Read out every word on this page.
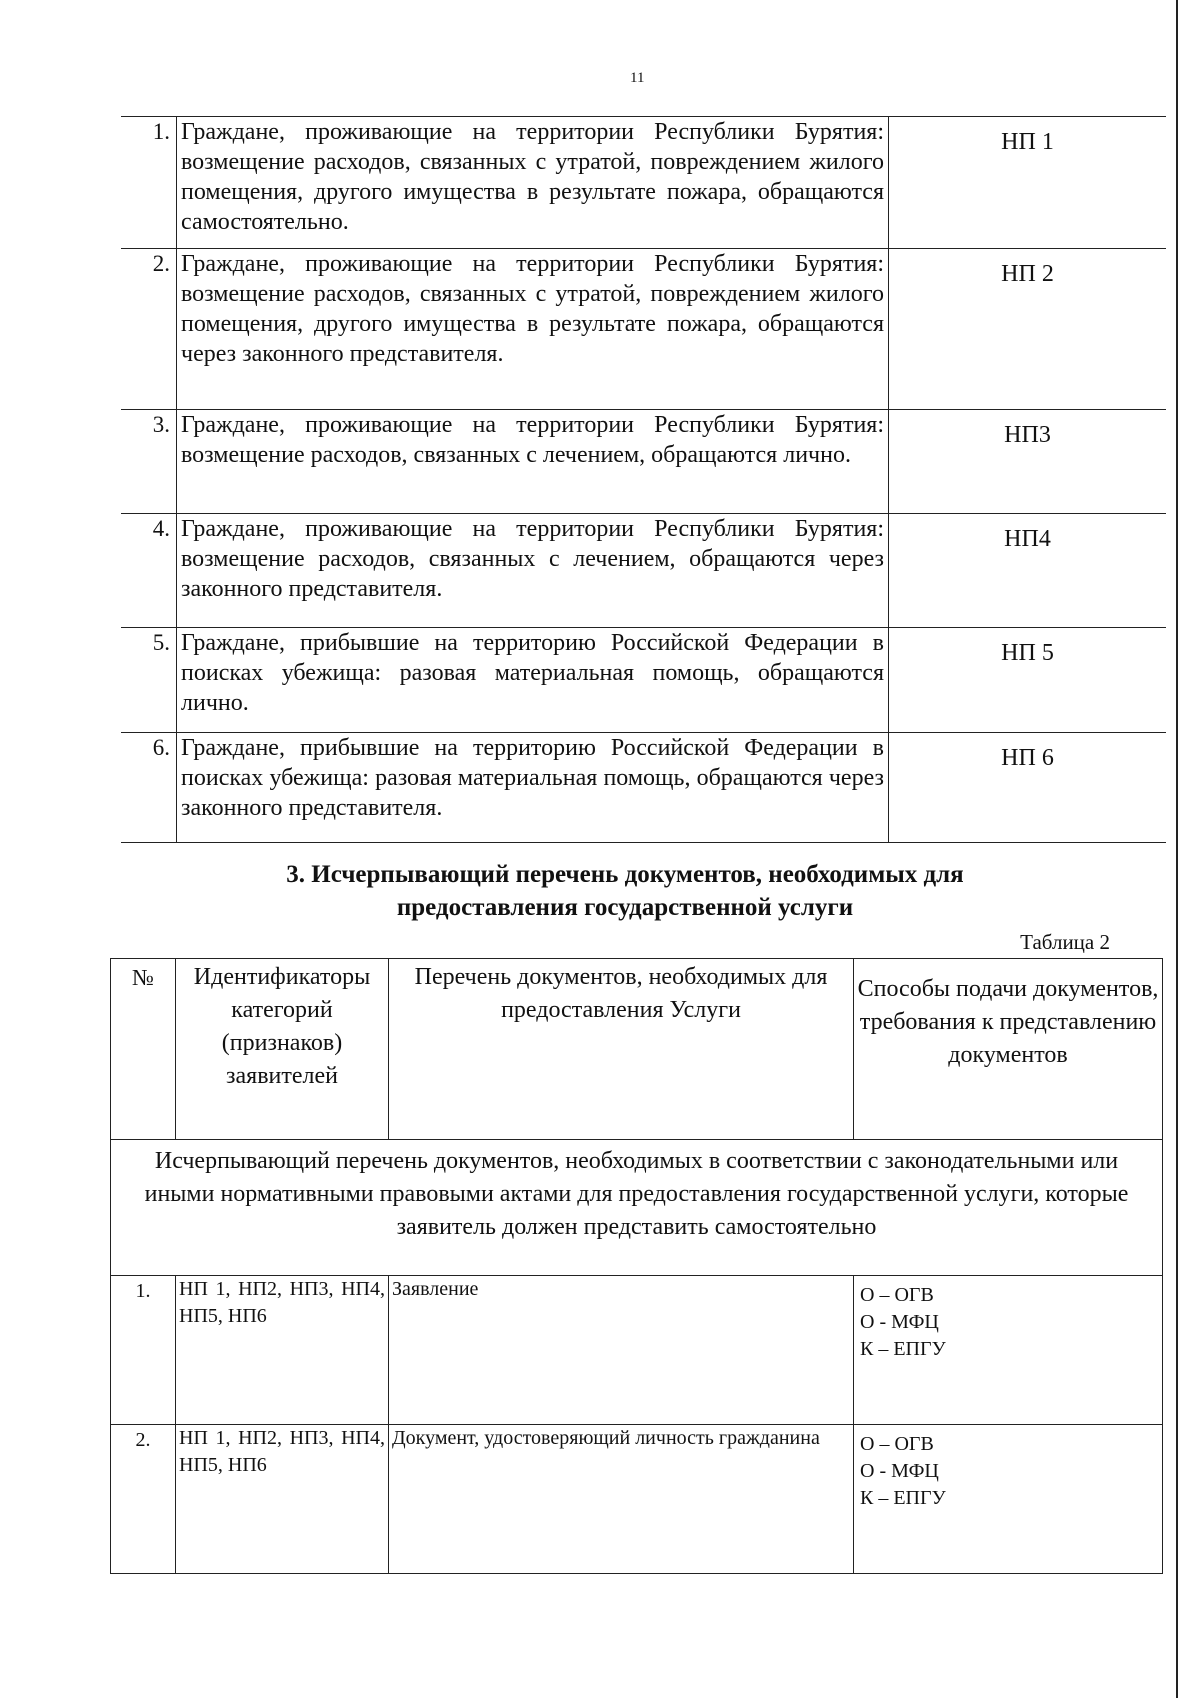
11
1.	Граждане, проживающие на территории Республики Бурятия: возмещение расходов, связанных с утратой, повреждением жилого помещения, другого имущества в результате пожара, обращаются самостоятельно.	НП 1
2.	Граждане, проживающие на территории Республики Бурятия: возмещение расходов, связанных с утратой, повреждением жилого помещения, другого имущества в результате пожара, обращаются через законного представителя.	НП 2
3.	Граждане, проживающие на территории Республики Бурятия: возмещение расходов, связанных с лечением, обращаются лично.	НП3
4.	Граждане, проживающие на территории Республики Бурятия: возмещение расходов, связанных с лечением, обращаются через законного представителя.	НП4
5.	Граждане, прибывшие на территорию Российской Федерации в поисках убежища: разовая материальная помощь, обращаются лично.	НП 5
6.	Граждане, прибывшие на территорию Российской Федерации в поисках убежища: разовая материальная помощь, обращаются через законного представителя.	НП 6
3. Исчерпывающий перечень документов, необходимых для предоставления государственной услуги
Таблица 2
№	Идентификаторы категорий (признаков) заявителей	Перечень документов, необходимых для предоставления Услуги	Способы подачи документов, требования к представлению документов
Исчерпывающий перечень документов, необходимых в соответствии с законодательными или иными нормативными правовыми актами для предоставления государственной услуги, которые заявитель должен представить самостоятельно			
1.	НП 1, НП2, НП3, НП4, НП5, НП6	Заявление	О – ОГВ
О - МФЦ
К – ЕПГУ

2.	НП 1, НП2, НП3, НП4, НП5, НП6	Документ, удостоверяющий личность гражданина	О – ОГВ
О - МФЦ
К – ЕПГУ
